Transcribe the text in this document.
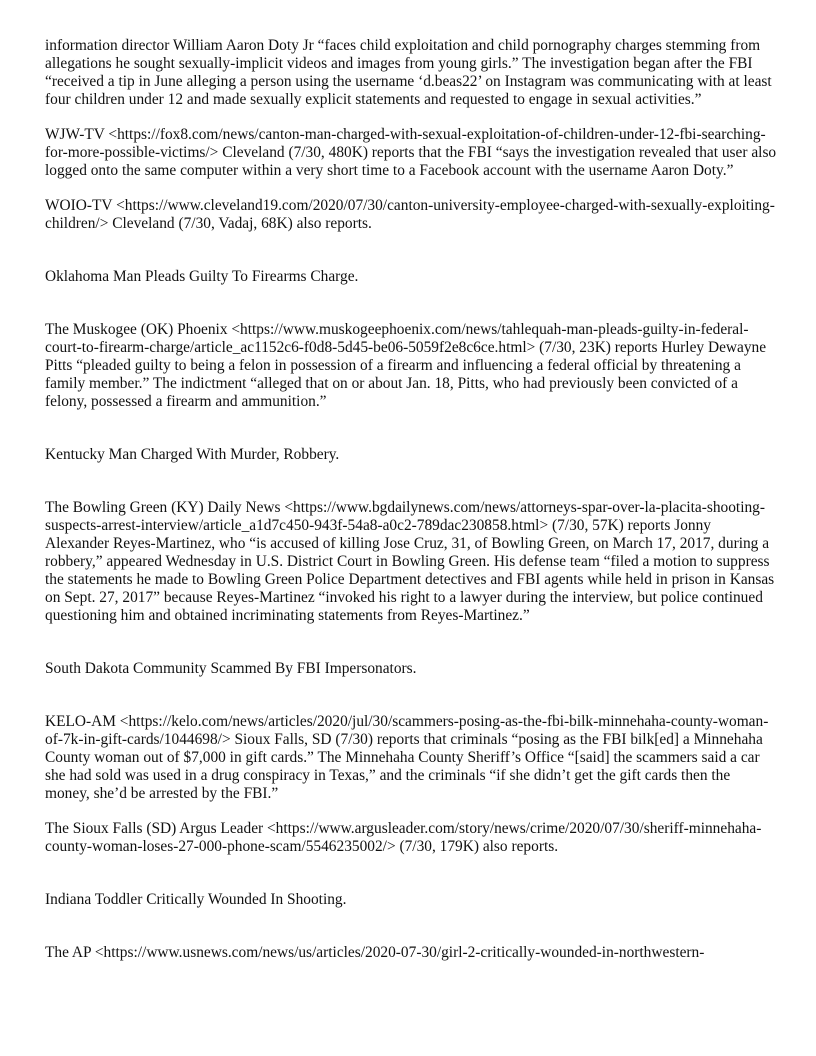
information director William Aaron Doty Jr “faces child exploitation and child pornography charges stemming from allegations he sought sexually-implicit videos and images from young girls.” The investigation began after the FBI “received a tip in June alleging a person using the username ‘d.beas22’ on Instagram was communicating with at least four children under 12 and made sexually explicit statements and requested to engage in sexual activities.”

WJW-TV <https://fox8.com/news/canton-man-charged-with-sexual-exploitation-of-children-under-12-fbi-searching-for-more-possible-victims/> Cleveland (7/30, 480K) reports that the FBI “says the investigation revealed that user also logged onto the same computer within a very short time to a Facebook account with the username Aaron Doty.”

WOIO-TV <https://www.cleveland19.com/2020/07/30/canton-university-employee-charged-with-sexually-exploiting-children/> Cleveland (7/30, Vadaj, 68K) also reports.

Oklahoma Man Pleads Guilty To Firearms Charge.

The Muskogee (OK) Phoenix <https://www.muskogeephoenix.com/news/tahlequah-man-pleads-guilty-in-federal-court-to-firearm-charge/article_ac1152c6-f0d8-5d45-be06-5059f2e8c6ce.html> (7/30, 23K) reports Hurley Dewayne Pitts “pleaded guilty to being a felon in possession of a firearm and influencing a federal official by threatening a family member.” The indictment “alleged that on or about Jan. 18, Pitts, who had previously been convicted of a felony, possessed a firearm and ammunition.”

Kentucky Man Charged With Murder, Robbery.

The Bowling Green (KY) Daily News <https://www.bgdailynews.com/news/attorneys-spar-over-la-placita-shooting-suspects-arrest-interview/article_a1d7c450-943f-54a8-a0c2-789dac230858.html> (7/30, 57K) reports Jonny Alexander Reyes-Martinez, who “is accused of killing Jose Cruz, 31, of Bowling Green, on March 17, 2017, during a robbery,” appeared Wednesday in U.S. District Court in Bowling Green. His defense team “filed a motion to suppress the statements he made to Bowling Green Police Department detectives and FBI agents while held in prison in Kansas on Sept. 27, 2017” because Reyes-Martinez “invoked his right to a lawyer during the interview, but police continued questioning him and obtained incriminating statements from Reyes-Martinez.”

South Dakota Community Scammed By FBI Impersonators.

KELO-AM <https://kelo.com/news/articles/2020/jul/30/scammers-posing-as-the-fbi-bilk-minnehaha-county-woman-of-7k-in-gift-cards/1044698/> Sioux Falls, SD (7/30) reports that criminals “posing as the FBI bilk[ed] a Minnehaha County woman out of $7,000 in gift cards.” The Minnehaha County Sheriff’s Office “[said] the scammers said a car she had sold was used in a drug conspiracy in Texas,” and the criminals “if she didn’t get the gift cards then the money, she’d be arrested by the FBI.”

The Sioux Falls (SD) Argus Leader <https://www.argusleader.com/story/news/crime/2020/07/30/sheriff-minnehaha-county-woman-loses-27-000-phone-scam/5546235002/> (7/30, 179K) also reports.

Indiana Toddler Critically Wounded In Shooting.

The AP <https://www.usnews.com/news/us/articles/2020-07-30/girl-2-critically-wounded-in-northwestern-
